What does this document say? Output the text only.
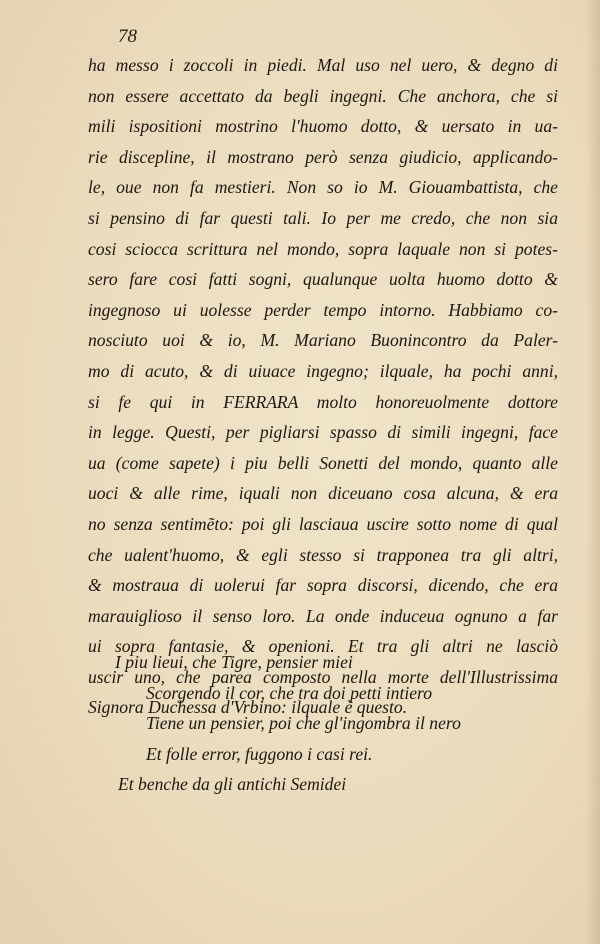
78
ha messo i zoccoli in piedi. Mal uso nel uero, & degno di
non essere accettato da begli ingegni. Che anchora, che si
mili ispositioni mostrino l'huomo dotto, & uersato in ua-
rie discepline, il mostrano però senza giudicio, applicando-
le, oue non fa mestieri. Non so io M. Giouambattista, che
si pensino di far questi tali. Io per me credo, che non sia
cosi sciocca scrittura nel mondo, sopra laquale non si potes-
sero fare cosi fatti sogni, qualunque uolta huomo dotto &
ingegnoso ui uolesse perder tempo intorno. Habbiamo co-
nosciuto uoi & io, M. Mariano Buonincontro da Paler-
mo di acuto, & di uiuace ingegno; ilquale, ha pochi anni,
si fe qui in FERRARA molto honoreuolmente dottore
in legge. Questi, per pigliarsi spasso di simili ingegni, face
ua (come sapete) i piu belli Sonetti del mondo, quanto alle
uoci & alle rime, iquali non diceuano cosa alcuna, & era
no senza sentimẽto: poi gli lasciaua uscire sotto nome di qual
che ualent'huomo, & egli stesso si trapponea tra gli altri,
& mostraua di uolerui far sopra discorsi, dicendo, che era
marauiglioso il senso loro. La onde induceua ognuno a far
ui sopra fantasie, & openioni. Et tra gli altri ne lasciò
uscir uno, che parea composto nella morte dell'Illustrissima
Signora Duchessa d'Vrbino: ilquale è questo.
I piu lieui, che Tigre, pensier miei
Scorgendo il cor, che tra doi petti intiero
Tiene un pensier, poi che gl'ingombra il nero
Et folle error, fuggono i casi rei.
Et benche da gli antichi Semidei
